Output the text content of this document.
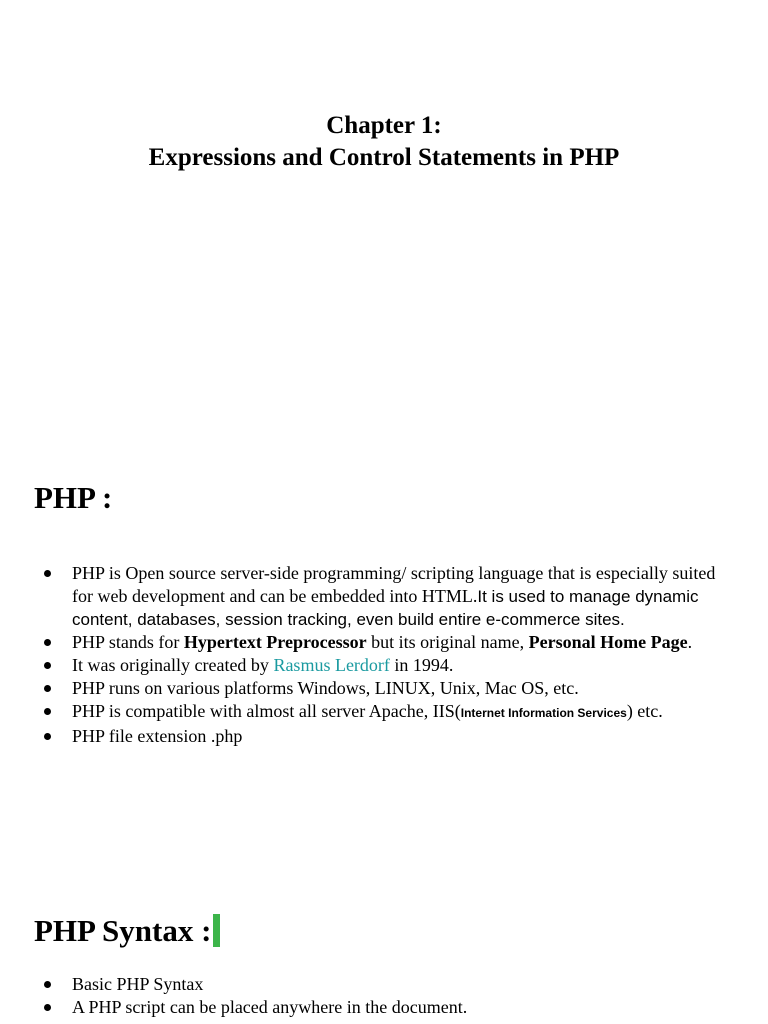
Chapter 1:
Expressions and Control Statements in PHP
PHP :
PHP is Open source server-side programming/ scripting language that is especially suited for web development and can be embedded into HTML.It is used to manage dynamic content, databases, session tracking, even build entire e-commerce sites.
PHP stands for Hypertext Preprocessor but its original name, Personal Home Page.
It was originally created by Rasmus Lerdorf in 1994.
PHP runs on various platforms Windows, LINUX, Unix, Mac OS, etc.
PHP is compatible with almost all server Apache, IIS(Internet Information Services) etc.
PHP file extension .php
PHP Syntax :
Basic PHP Syntax
A PHP script can be placed anywhere in the document.
